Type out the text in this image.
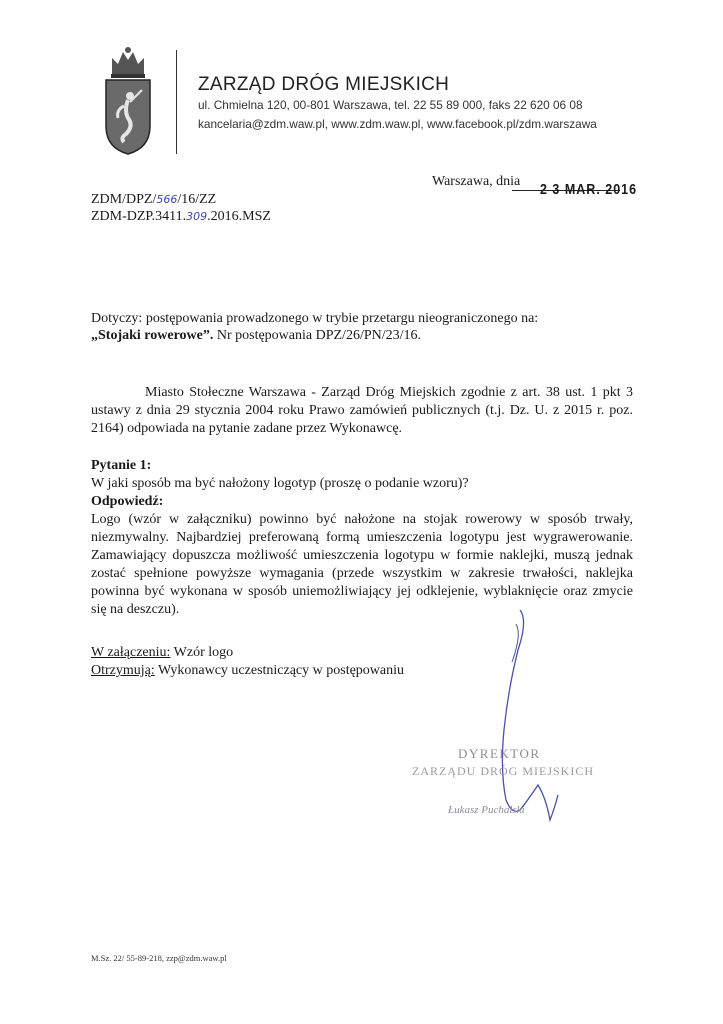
ZARZĄD DRÓG MIEJSKICH
ul. Chmielna 120, 00-801 Warszawa, tel. 22 55 89 000, faks 22 620 06 08
kancelaria@zdm.waw.pl, www.zdm.waw.pl, www.facebook.pl/zdm.warszawa
Warszawa, dnia 2 3 MAR. 2016
ZDM/DPZ/566/16/ZZ
ZDM-DZP.3411.309.2016.MSZ
Dotyczy: postępowania prowadzonego w trybie przetargu nieograniczonego na:
„Stojaki rowerowe”. Nr postępowania DPZ/26/PN/23/16.
Miasto Stołeczne Warszawa - Zarząd Dróg Miejskich zgodnie z art. 38 ust. 1 pkt 3 ustawy z dnia 29 stycznia 2004 roku Prawo zamówień publicznych (t.j. Dz. U. z 2015 r. poz. 2164) odpowiada na pytanie zadane przez Wykonawcę.

Pytanie 1:

W jaki sposób ma być nałożony logotyp (proszę o podanie wzoru)?

Odpowiedź:

Logo (wzór w załączniku) powinno być nałożone na stojak rowerowy w sposób trwały, niezmywalny. Najbardziej preferowaną formą umieszczenia logotypu jest wygrawerowanie. Zamawiający dopuszcza możliwość umieszczenia logotypu w formie naklejki, muszą jednak zostać spełnione powyższe wymagania (przede wszystkim w zakresie trwałości, naklejka powinna być wykonana w sposób uniemożliwiający jej odklejenie, wyblaknięcie oraz zmycie się na deszczu).

W załączeniu: Wzór logo
Otrzymują: Wykonawcy uczestniczący w postępowaniu
DYREKTOR
ZARZĄDU DRÓG MIEJSKICH
Łukasz Puchalski
M.Sz. 22/ 55-89-218, zzp@zdm.waw.pl
